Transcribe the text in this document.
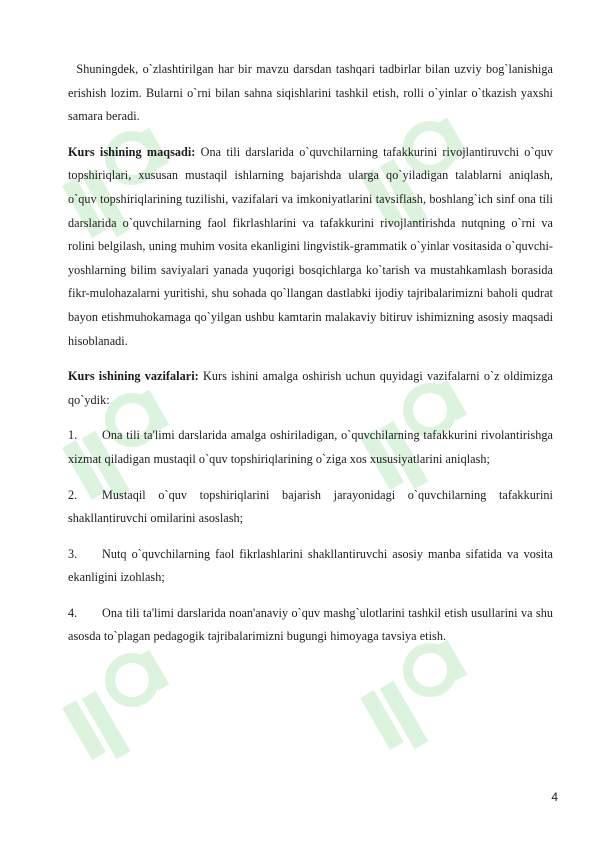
Shuningdek, o`zlashtirilgan har bir mavzu darsdan tashqari tadbirlar bilan uzviy bog`lanishiga erishish lozim. Bularni o`rni bilan sahna siqishlarini tashkil etish, rolli o`yinlar o`tkazish yaxshi samara beradi.

Kurs ishining maqsadi: Ona tili darslarida o`quvchilarning tafakkurini rivojlantiruvchi o`quv topshiriqlari, xususan mustaqil ishlarning bajarishda ularga qo`yiladigan talablarni aniqlash, o`quv topshiriqlarining tuzilishi, vazifalari va imkoniyatlarini tavsiflash, boshlang`ich sinf ona tili darslarida o`quvchilarning faol fikrlashlarini va tafakkurini rivojlantirishda nutqning o`rni va rolini belgilash, uning muhim vosita ekanligini lingvistik-grammatik o`yinlar vositasida o`quvchi-yoshlarning bilim saviyalari yanada yuqorigi bosqichlarga ko`tarish va mustahkamlash borasida fikr-mulohazalarni yuritishi, shu sohada qo`llangan dastlabki ijodiy tajribalarimizni baholi qudrat bayon etishmuhokamaga qo`yilgan ushbu kamtarin malakaviy bitiruv ishimizning asosiy maqsadi hisoblanadi.

Kurs ishining vazifalari: Kurs ishini amalga oshirish uchun quyidagi vazifalarni o`z oldimizga qo`ydik:

1. Ona tili ta'limi darslarida amalga oshiriladigan, o`quvchilarning tafakkurini rivolantirishga xizmat qiladigan mustaqil o`quv topshiriqlarining o`ziga xos xususiyatlarini aniqlash;

2. Mustaqil o`quv topshiriqlarini bajarish jarayonidagi o`quvchilarning tafakkurini shakllantiruvchi omilarini asoslash;

3. Nutq o`quvchilarning faol fikrlashlarini shakllantiruvchi asosiy manba sifatida va vosita ekanligini izohlash;

4. Ona tili ta'limi darslarida noan'anaviy o`quv mashg`ulotlarini tashkil etish usullarini va shu asosda to`plagan pedagogik tajribalarimizni bugungi himoyaga tavsiya etish.

4
